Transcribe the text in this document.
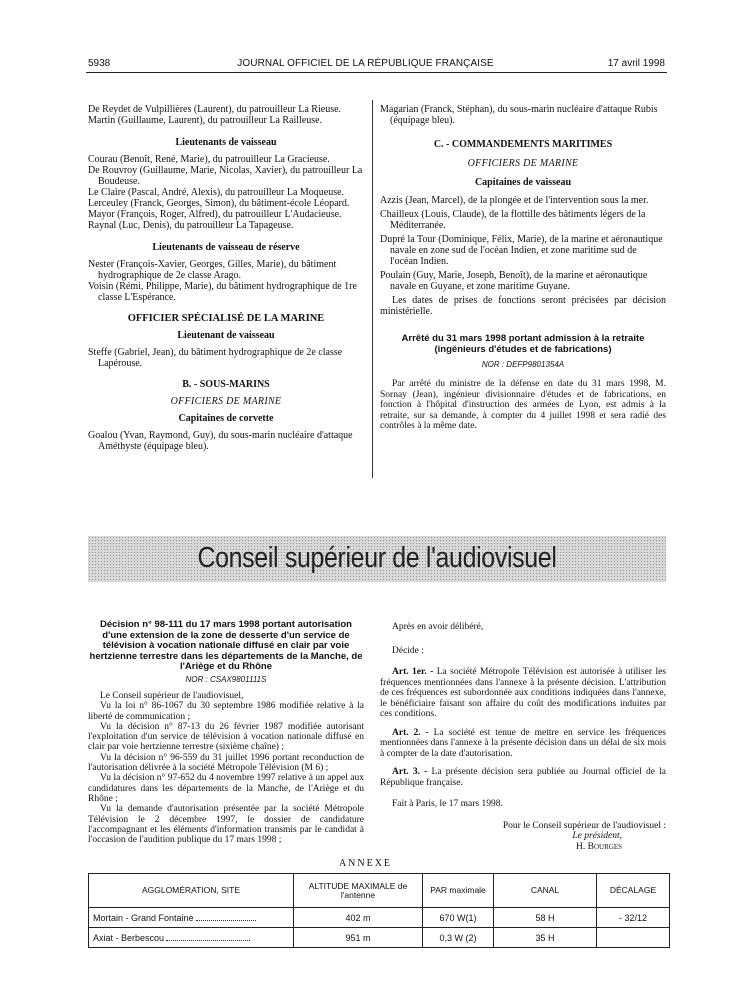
5938	JOURNAL OFFICIEL DE LA RÉPUBLIQUE FRANÇAISE	17 avril 1998

De Reydet de Vulpillières (Laurent), du patrouilleur La Rieuse.

Martin (Guillaume, Laurent), du patrouilleur La Railleuse.

Lieutenants de vaisseau

Courau (Benoît, René, Marie), du patrouilleur La Gracieuse.

De Rouvroy (Guillaume, Marie, Nicolas, Xavier), du patrouilleur La Boudeuse.

Le Claire (Pascal, André, Alexis), du patrouilleur La Moqueuse.

Lerceuley (Franck, Georges, Simon), du bâtiment-école Léopard.

Mayor (François, Roger, Alfred), du patrouilleur L'Audacieuse.

Raynal (Luc, Denis), du patrouilleur La Tapageuse.

Lieutenants de vaisseau de réserve

Nester (François-Xavier, Georges, Gilles, Marie), du bâtiment hydrographique de 2e classe Arago.

Voisin (Rémi, Philippe, Marie), du bâtiment hydrographique de 1re classe L'Espérance.

OFFICIER SPÉCIALISÉ DE LA MARINE

Lieutenant de vaisseau

Steffe (Gabriel, Jean), du bâtiment hydrographique de 2e classe Lapérouse.

B. - SOUS-MARINS

OFFICIERS DE MARINE

Capitaines de corvette

Goalou (Yvan, Raymond, Guy), du sous-marin nucléaire d'attaque Améthyste (équipage bleu).

Magarian (Franck, Stéphan), du sous-marin nucléaire d'attaque Rubis (équipage bleu).

C. - COMMANDEMENTS MARITIMES

OFFICIERS DE MARINE

Capitaines de vaisseau

Azzis (Jean, Marcel), de la plongée et de l'intervention sous la mer.

Chailleux (Louis, Claude), de la flottille des bâtiments légers de la Méditerranée.

Dupré la Tour (Dominique, Félix, Marie), de la marine et aéronautique navale en zone sud de l'océan Indien, et zone maritime sud de l'océan Indien.

Poulain (Guy, Marie, Joseph, Benoît), de la marine et aéronautique navale en Guyane, et zone maritime Guyane.

Les dates de prises de fonctions seront précisées par décision ministérielle.

Arrêté du 31 mars 1998 portant admission à la retraite (ingénieurs d'études et de fabrications)

NOR : DEFP9801354A

Par arrêté du ministre de la défense en date du 31 mars 1998, M. Sornay (Jean), ingénieur divisionnaire d'études et de fabrications, en fonction à l'hôpital d'instruction des armées de Lyon, est admis à la retraite, sur sa demande, à compter du 4 juillet 1998 et sera radié des contrôles à la même date.

Conseil supérieur de l'audiovisuel

Décision n° 98-111 du 17 mars 1998 portant autorisation d'une extension de la zone de desserte d'un service de télévision à vocation nationale diffusé en clair par voie hertzienne terrestre dans les départements de la Manche, de l'Ariège et du Rhône

NOR : CSAX9801111S

Le Conseil supérieur de l'audiovisuel,

Vu la loi n° 86-1067 du 30 septembre 1986 modifiée relative à la liberté de communication ;

Vu la décision n° 87-13 du 26 février 1987 modifiée autorisant l'exploitation d'un service de télévision à vocation nationale diffusé en clair par voie hertzienne terrestre (sixième chaîne) ;

Vu la décision n° 96-559 du 31 juillet 1996 portant reconduction de l'autorisation délivrée à la société Métropole Télévision (M 6) ;

Vu la décision n° 97-652 du 4 novembre 1997 relative à un appel aux candidatures dans les départements de la Manche, de l'Ariège et du Rhône ;

Vu la demande d'autorisation présentée par la société Métropole Télévision le 2 décembre 1997, le dossier de candidature l'accompagnant et les éléments d'information transmis par le candidat à l'occasion de l'audition publique du 17 mars 1998 ;

Après en avoir délibéré,

Décide :

Art. 1er. - La société Métropole Télévision est autorisée à utiliser les fréquences mentionnées dans l'annexe à la présente décision. L'attribution de ces fréquences est subordonnée aux conditions indiquées dans l'annexe, le bénéficiaire faisant son affaire du coût des modifications induites par ces conditions.

Art. 2. - La société est tenue de mettre en service les fréquences mentionnées dans l'annexe à la présente décision dans un délai de six mois à compter de la date d'autorisation.

Art. 3. - La présente décision sera publiée au Journal officiel de la République française.

Fait à Paris, le 17 mars 1998.

Pour le Conseil supérieur de l'audiovisuel :

Le président,

H. Bourges

ANNEXE
AGGLOMÉRATION, SITE	ALTITUDE MAXIMALE de l'antenne	PAR maximale	CANAL	DÉCALAGE
Mortain - Grand Fontaine	402 m	670 W(1)	58 H	- 32/12
Axiat - Berbescou	951 m	0,3 W (2)	35 H	
